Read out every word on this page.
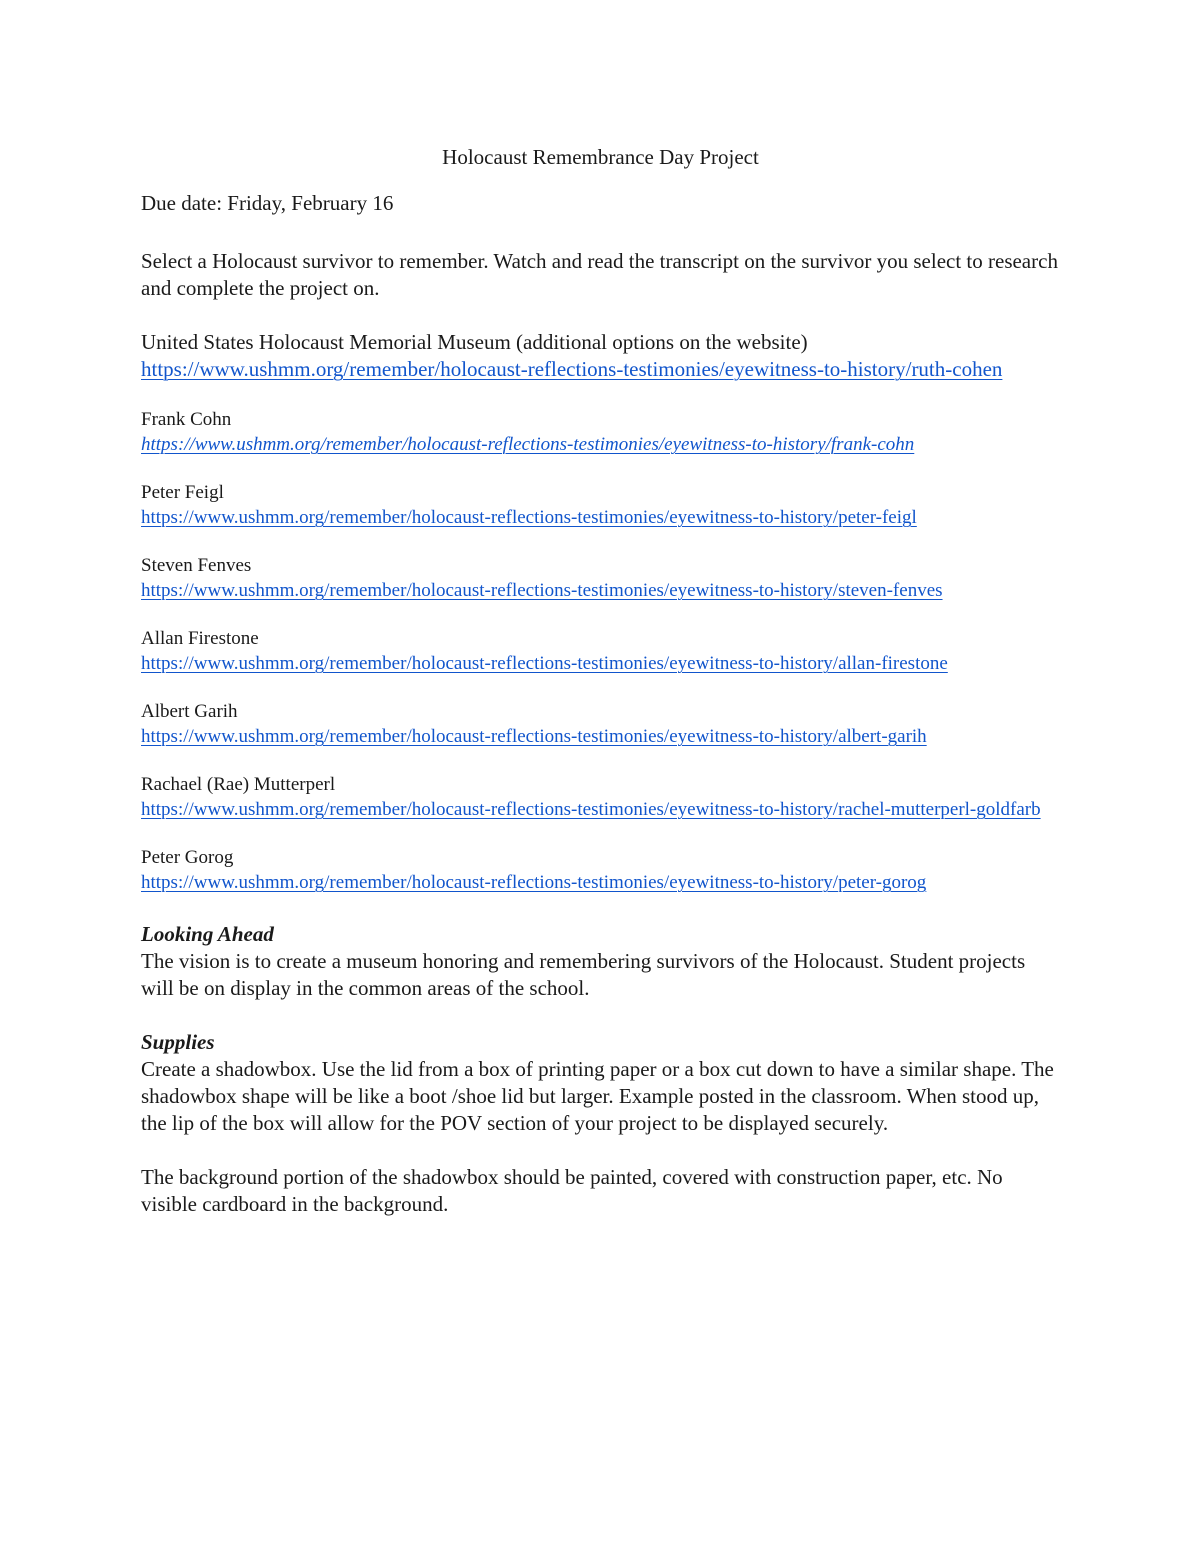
Holocaust Remembrance Day Project

Due date: Friday, February 16

Select a Holocaust survivor to remember. Watch and read the transcript on the survivor you select to research and complete the project on.

United States Holocaust Memorial Museum (additional options on the website)

https://www.ushmm.org/remember/holocaust-reflections-testimonies/eyewitness-to-history/ruth-cohen
Frank Cohn
https://www.ushmm.org/remember/holocaust-reflections-testimonies/eyewitness-to-history/frank-cohn
Peter Feigl
https://www.ushmm.org/remember/holocaust-reflections-testimonies/eyewitness-to-history/peter-feigl
Steven Fenves
https://www.ushmm.org/remember/holocaust-reflections-testimonies/eyewitness-to-history/steven-fenves
Allan Firestone
https://www.ushmm.org/remember/holocaust-reflections-testimonies/eyewitness-to-history/allan-firestone
Albert Garih
https://www.ushmm.org/remember/holocaust-reflections-testimonies/eyewitness-to-history/albert-garih
Rachael (Rae) Mutterperl
https://www.ushmm.org/remember/holocaust-reflections-testimonies/eyewitness-to-history/rachel-mutterperl-goldfarb
Peter Gorog
https://www.ushmm.org/remember/holocaust-reflections-testimonies/eyewitness-to-history/peter-gorog

Looking Ahead

The vision is to create a museum honoring and remembering survivors of the Holocaust. Student projects will be on display in the common areas of the school.

Supplies

Create a shadowbox. Use the lid from a box of printing paper or a box cut down to have a similar shape. The shadowbox shape will be like a boot /shoe lid but larger. Example posted in the classroom. When stood up, the lip of the box will allow for the POV section of your project to be displayed securely.

The background portion of the shadowbox should be painted, covered with construction paper, etc. No visible cardboard in the background.
